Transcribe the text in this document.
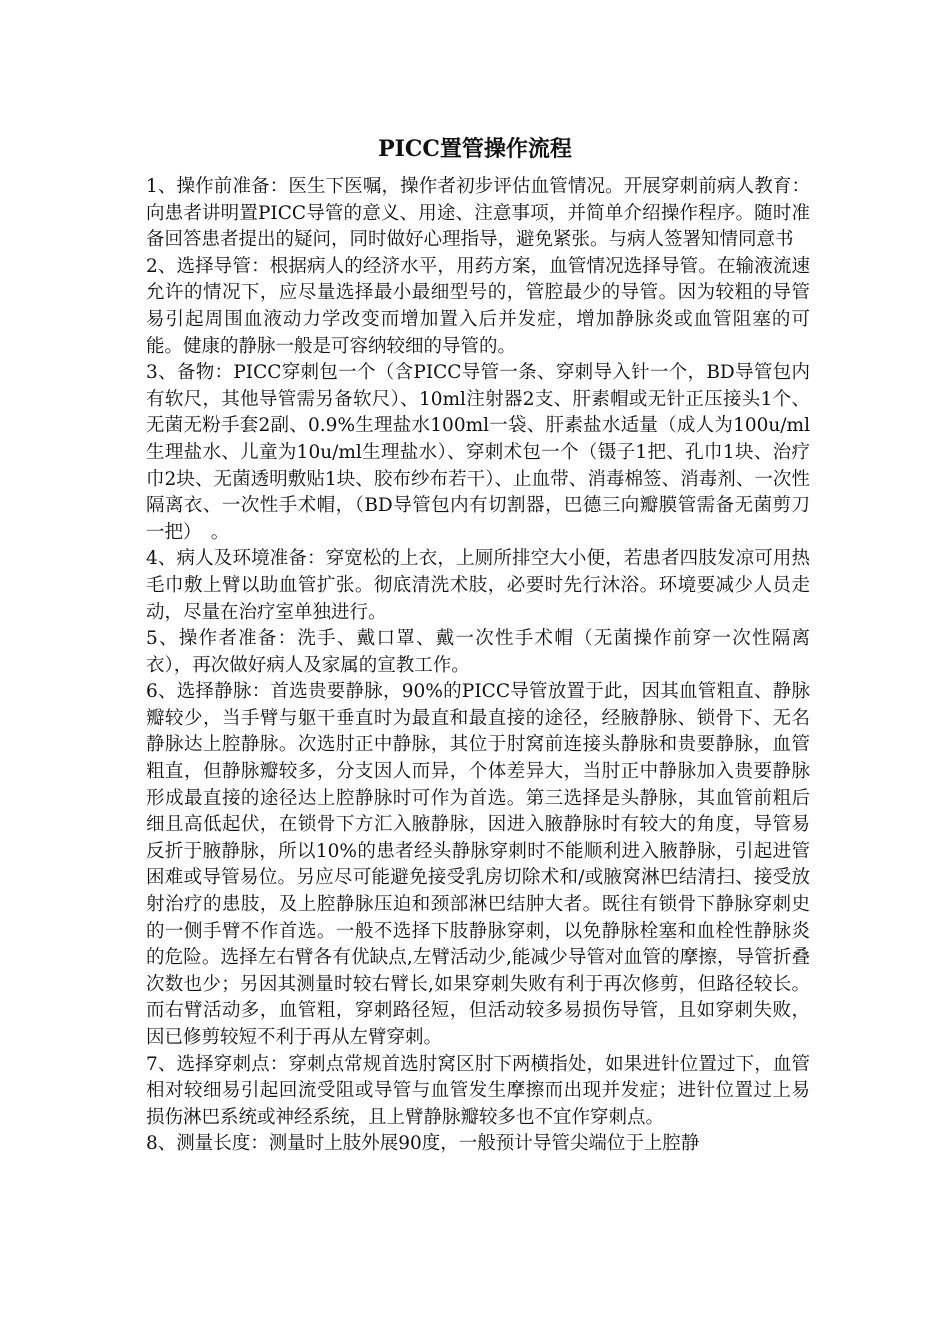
PICC置管操作流程

1、操作前准备：医生下医嘱，操作者初步评估血管情况。开展穿刺前病人教育：向患者讲明置PICC导管的意义、用途、注意事项，并简单介绍操作程序。随时准备回答患者提出的疑问，同时做好心理指导，避免紧张。与病人签署知情同意书

2、选择导管：根据病人的经济水平，用药方案，血管情况选择导管。在输液流速允许的情况下，应尽量选择最小最细型号的，管腔最少的导管。因为较粗的导管易引起周围血液动力学改变而增加置入后并发症，增加静脉炎或血管阻塞的可能。健康的静脉一般是可容纳较细的导管的。

3、备物：PICC穿刺包一个（含PICC导管一条、穿刺导入针一个，BD导管包内有软尺，其他导管需另备软尺）、10ml注射器2支、肝素帽或无针正压接头1个、无菌无粉手套2副、0.9%生理盐水100ml一袋、肝素盐水适量（成人为100u/ml生理盐水、儿童为10u/ml生理盐水）、穿刺术包一个（镊子1把、孔巾1块、治疗巾2块、无菌透明敷贴1块、胶布纱布若干）、止血带、消毒棉签、消毒剂、一次性隔离衣、一次性手术帽，（BD导管包内有切割器，巴德三向瓣膜管需备无菌剪刀一把）　。

4、病人及环境准备：穿宽松的上衣，上厕所排空大小便，若患者四肢发凉可用热毛巾敷上臂以助血管扩张。彻底清洗术肢，必要时先行沐浴。环境要减少人员走动，尽量在治疗室单独进行。

5、操作者准备：洗手、戴口罩、戴一次性手术帽（无菌操作前穿一次性隔离衣），再次做好病人及家属的宣教工作。

6、选择静脉：首选贵要静脉，90%的PICC导管放置于此，因其血管粗直、静脉瓣较少，当手臂与躯干垂直时为最直和最直接的途径，经腋静脉、锁骨下、无名静脉达上腔静脉。次选肘正中静脉，其位于肘窝前连接头静脉和贵要静脉，血管粗直，但静脉瓣较多，分支因人而异，个体差异大，当肘正中静脉加入贵要静脉形成最直接的途径达上腔静脉时可作为首选。第三选择是头静脉，其血管前粗后细且高低起伏，在锁骨下方汇入腋静脉，因进入腋静脉时有较大的角度，导管易反折于腋静脉，所以10%的患者经头静脉穿刺时不能顺利进入腋静脉，引起进管困难或导管易位。另应尽可能避免接受乳房切除术和/或腋窝淋巴结清扫、接受放射治疗的患肢，及上腔静脉压迫和颈部淋巴结肿大者。既往有锁骨下静脉穿刺史的一侧手臂不作首选。一般不选择下肢静脉穿刺，以免静脉栓塞和血栓性静脉炎的危险。选择左右臂各有优缺点,左臂活动少,能减少导管对血管的摩擦，导管折叠次数也少；另因其测量时较右臂长,如果穿刺失败有利于再次修剪，但路径较长。而右臂活动多，血管粗，穿刺路径短，但活动较多易损伤导管，且如穿刺失败，因已修剪较短不利于再从左臂穿刺。

7、选择穿刺点：穿刺点常规首选肘窝区肘下两横指处，如果进针位置过下，血管相对较细易引起回流受阻或导管与血管发生摩擦而出现并发症；进针位置过上易损伤淋巴系统或神经系统，且上臂静脉瓣较多也不宜作穿刺点。

8、测量长度：测量时上肢外展90度，一般预计导管尖端位于上腔静
